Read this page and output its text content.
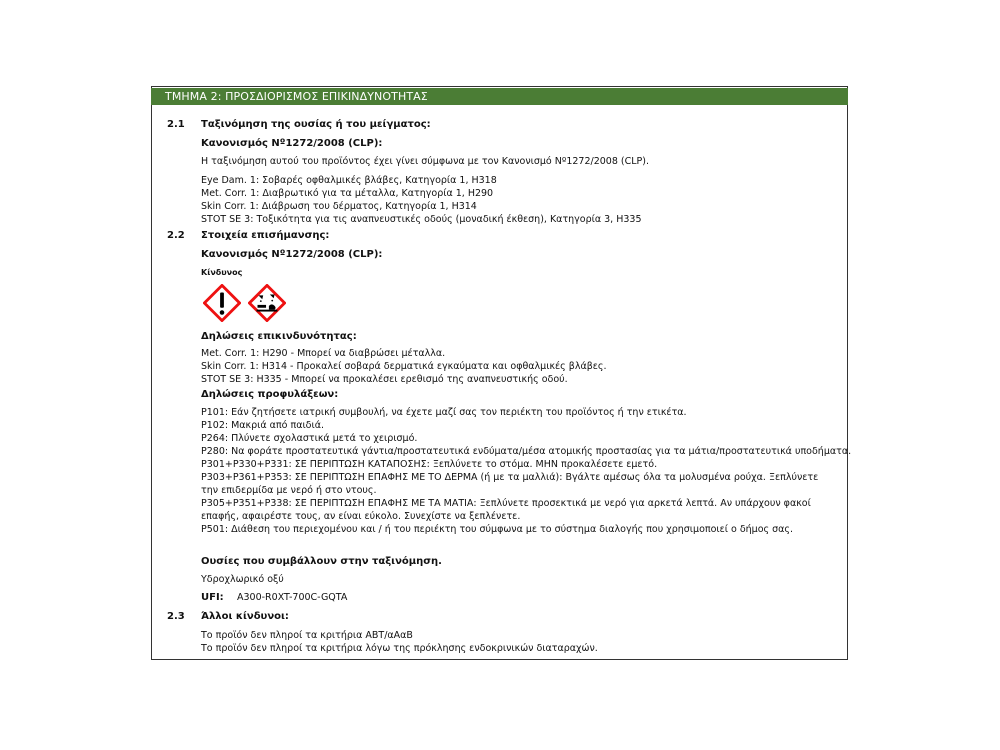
ΤΜΗΜΑ 2: ΠΡΟΣΔΙΟΡΙΣΜΟΣ ΕΠΙΚΙΝΔΥΝΟΤΗΤΑΣ
2.1 Ταξινόμηση της ουσίας ή του μείγματος:
Κανονισμός Nº1272/2008 (CLP):
Η ταξινόμηση αυτού του προϊόντος έχει γίνει σύμφωνα με τον Κανονισμό Nº1272/2008 (CLP).
Eye Dam. 1: Σοβαρές οφθαλμικές βλάβες, Κατηγορία 1, H318
Met. Corr. 1: Διαβρωτικό για τα μέταλλα, Κατηγορία 1, H290
Skin Corr. 1: Διάβρωση του δέρματος, Κατηγορία 1, H314
STOT SE 3: Τοξικότητα για τις αναπνευστικές οδούς (μοναδική έκθεση), Κατηγορία 3, H335
2.2 Στοιχεία επισήμανσης:
Κανονισμός Nº1272/2008 (CLP):
Κίνδυνος
Δηλώσεις επικινδυνότητας:
Met. Corr. 1: H290 - Μπορεί να διαβρώσει μέταλλα.
Skin Corr. 1: H314 - Προκαλεί σοβαρά δερματικά εγκαύματα και οφθαλμικές βλάβες.
STOT SE 3: H335 - Μπορεί να προκαλέσει ερεθισμό της αναπνευστικής οδού.
Δηλώσεις προφυλάξεων:
P101: Εάν ζητήσετε ιατρική συμβουλή, να έχετε μαζί σας τον περιέκτη του προϊόντος ή την ετικέτα.
P102: Μακριά από παιδιά.
P264: Πλύνετε σχολαστικά μετά το χειρισμό.
P280: Να φοράτε προστατευτικά γάντια/προστατευτικά ενδύματα/μέσα ατομικής προστασίας για τα μάτια/προστατευτικά υποδήματα.
P301+P330+P331: ΣΕ ΠΕΡΙΠΤΩΣΗ ΚΑΤΑΠΟΣΗΣ: Ξεπλύνετε το στόμα. ΜΗΝ προκαλέσετε εμετό.
P303+P361+P353: ΣΕ ΠΕΡΙΠΤΩΣΗ ΕΠΑΦΗΣ ΜΕ ΤΟ ΔΕΡΜΑ (ή με τα μαλλιά): Βγάλτε αμέσως όλα τα μολυσμένα ρούχα. Ξεπλύνετε
την επιδερμίδα με νερό ή στο ντους.
P305+P351+P338: ΣΕ ΠΕΡΙΠΤΩΣΗ ΕΠΑΦΗΣ ΜΕ ΤΑ ΜΑΤΙΑ: Ξεπλύνετε προσεκτικά με νερό για αρκετά λεπτά. Αν υπάρχουν φακοί
επαφής, αφαιρέστε τους, αν είναι εύκολο. Συνεχίστε να ξεπλένετε.
P501: Διάθεση του περιεχομένου και / ή του περιέκτη του σύμφωνα με το σύστημα διαλογής που χρησιμοποιεί ο δήμος σας.
Ουσίες που συμβάλλουν στην ταξινόμηση.
Υδροχλωρικό οξύ
UFI: A300-R0XT-700C-GQTA
2.3 Άλλοι κίνδυνοι:
Το προϊόν δεν πληροί τα κριτήρια ΑΒΤ/αΑαΒ
Το προϊόν δεν πληροί τα κριτήρια λόγω της πρόκλησης ενδοκρινικών διαταραχών.
